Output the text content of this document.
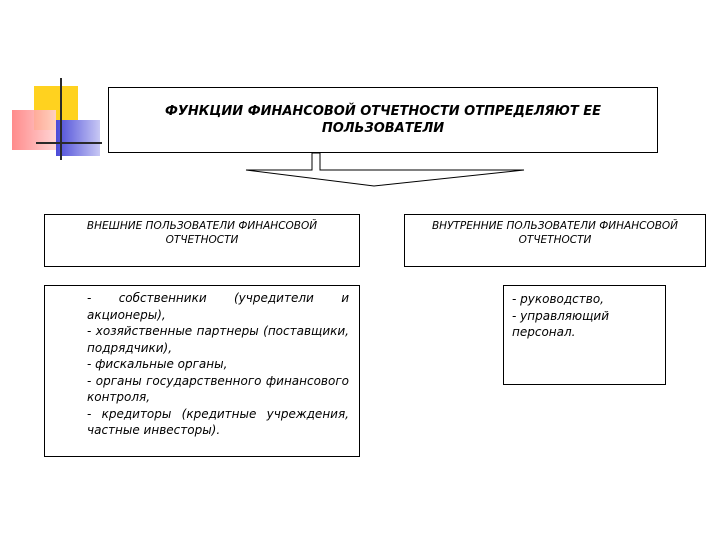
ФУНКЦИИ ФИНАНСОВОЙ ОТЧЕТНОСТИ ОТПРЕДЕЛЯЮТ ЕЕ ПОЛЬЗОВАТЕЛИ
ВНЕШНИЕ ПОЛЬЗОВАТЕЛИ ФИНАНСОВОЙ ОТЧЕТНОСТИ
ВНУТРЕННИЕ ПОЛЬЗОВАТЕЛИ ФИНАНСОВОЙ ОТЧЕТНОСТИ
- собственники (учредители и акционеры),
- хозяйственные партнеры (поставщики, подрядчики),
- фискальные органы,
- органы государственного финансового контроля,
- кредиторы (кредитные учреждения, частные инвесторы).
- руководство,
- управляющий персонал.
